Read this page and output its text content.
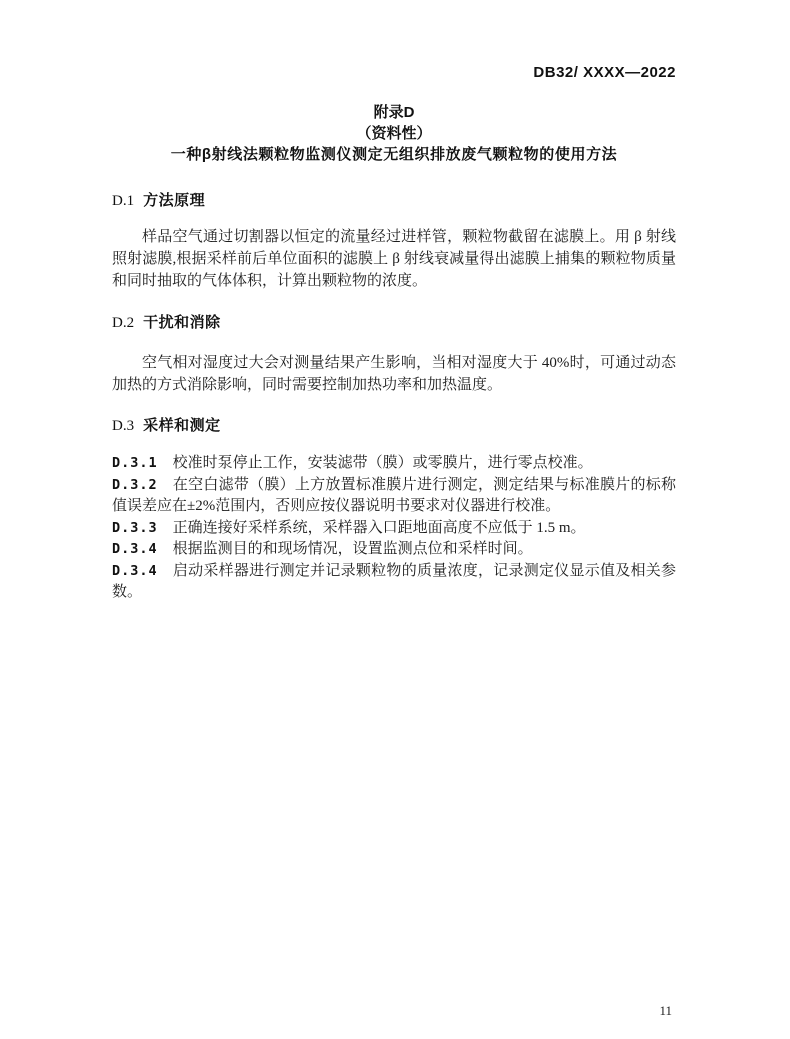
DB32/ XXXX—2022
附录D
（资料性）
一种β射线法颗粒物监测仪测定无组织排放废气颗粒物的使用方法
D.1 方法原理

样品空气通过切割器以恒定的流量经过进样管，颗粒物截留在滤膜上。用 β 射线照射滤膜,根据采样前后单位面积的滤膜上 β 射线衰减量得出滤膜上捕集的颗粒物质量和同时抽取的气体体积，计算出颗粒物的浓度。

D.2 干扰和消除

空气相对湿度过大会对测量结果产生影响，当相对湿度大于 40%时，可通过动态加热的方式消除影响，同时需要控制加热功率和加热温度。

D.3 采样和测定

D.3.1 校准时泵停止工作，安装滤带（膜）或零膜片，进行零点校准。

D.3.2 在空白滤带（膜）上方放置标准膜片进行测定，测定结果与标准膜片的标称值误差应在±2%范围内，否则应按仪器说明书要求对仪器进行校准。

D.3.3 正确连接好采样系统，采样器入口距地面高度不应低于 1.5 m。

D.3.4 根据监测目的和现场情况，设置监测点位和采样时间。

D.3.4 启动采样器进行测定并记录颗粒物的质量浓度，记录测定仪显示值及相关参数。

11
